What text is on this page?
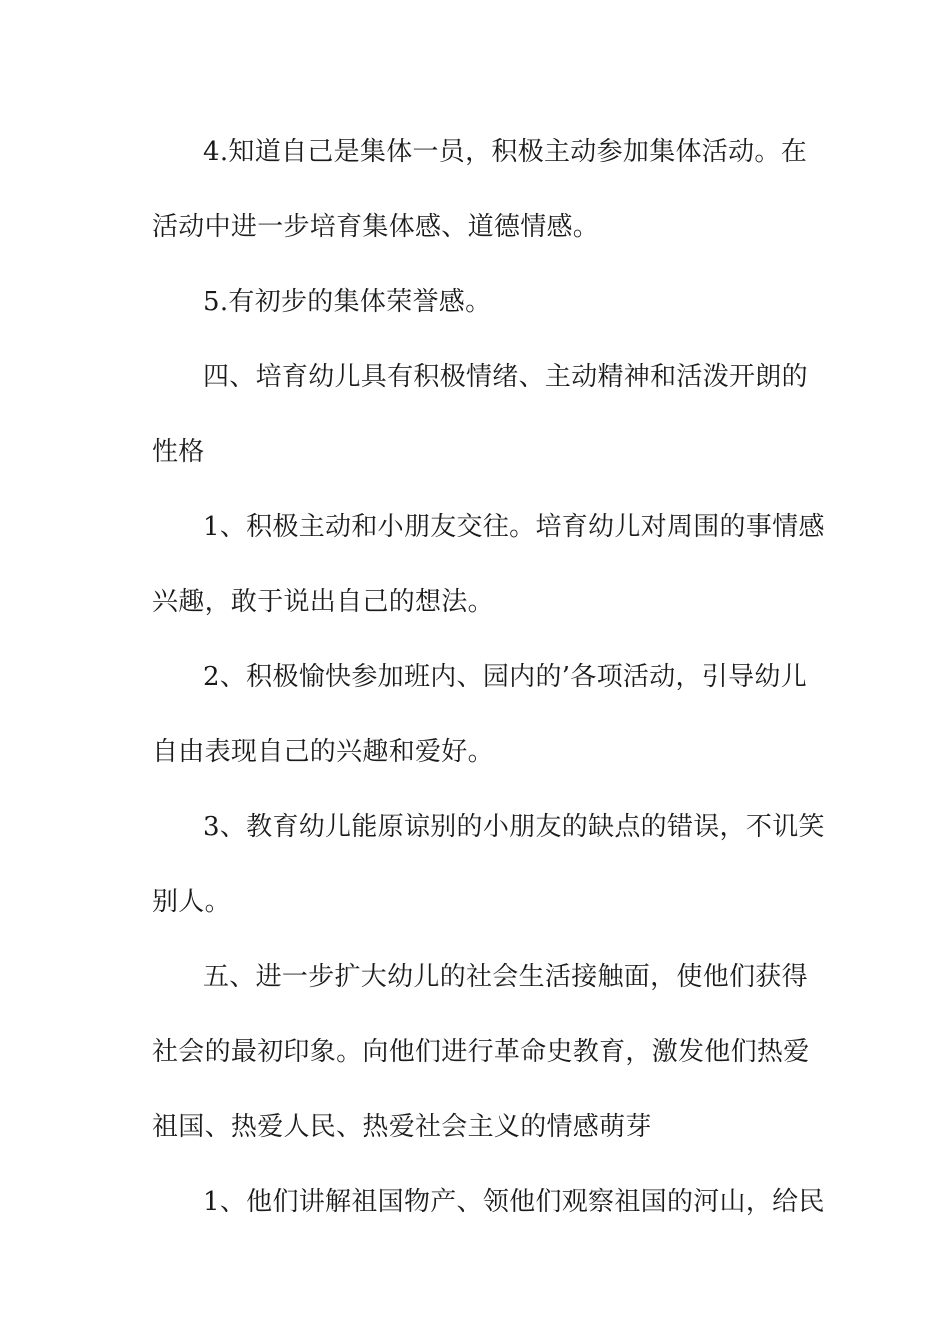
4.知道自己是集体一员，积极主动参加集体活动。在
活动中进一步培育集体感、道德情感。
5.有初步的集体荣誉感。
四、培育幼儿具有积极情绪、主动精神和活泼开朗的
性格
1、积极主动和小朋友交往。培育幼儿对周围的事情感
兴趣，敢于说出自己的想法。
2、积极愉快参加班内、园内的’各项活动，引导幼儿
自由表现自己的兴趣和爱好。
3、教育幼儿能原谅别的小朋友的缺点的错误，不讥笑
别人。
五、进一步扩大幼儿的社会生活接触面，使他们获得
社会的最初印象。向他们进行革命史教育，激发他们热爱
祖国、热爱人民、热爱社会主义的情感萌芽
1、他们讲解祖国物产、领他们观察祖国的河山，给民
